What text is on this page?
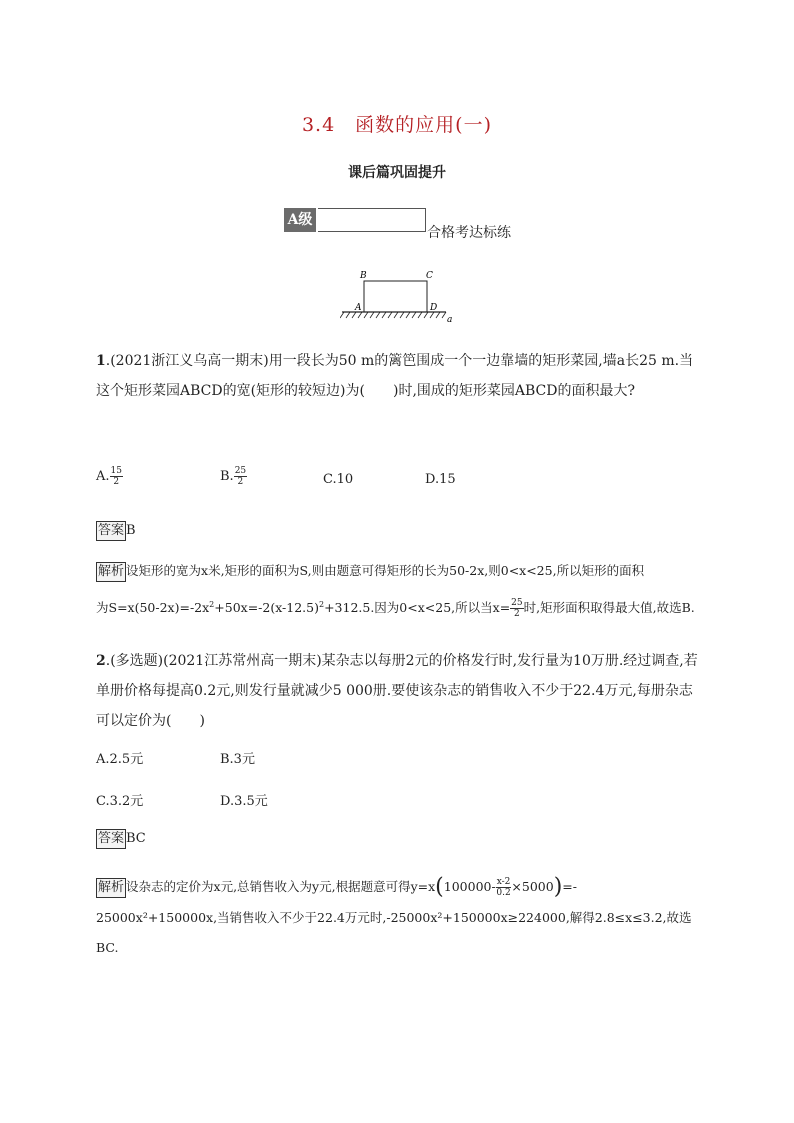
3.4　函数的应用(一)
课后篇巩固提升
A级
合格考达标练
B	C
A	D
a
1.(2021浙江义乌高一期末)用一段长为50 m的篱笆围成一个一边靠墙的矩形菜园,墙a长25 m.当这个矩形菜园ABCD的宽(矩形的较短边)为(　　)时,围成的矩形菜园ABCD的面积最大?
A. $\frac{15}{2}$	B. $\frac{25}{2}$	C.10	D.15
答案 B
解析 设矩形的宽为x米,矩形的面积为S,则由题意可得矩形的长为50-2x,则0<x<25,所以矩形的面积
为$S=x(50-2x)=-2x^2+50x=-2(x-12.5)^2+312.5$.因为0<x<25,所以当$x= \frac{25}{2}$ 时,矩形面积取得最大值,故选B.
2.(多选题)(2021江苏常州高一期末)某杂志以每册2元的价格发行时,发行量为10万册.经过调查,若单册价格每提高0.2元,则发行量就减少5 000册.要使该杂志的销售收入不少于22.4万元,每册杂志可以定价为(　　)
A.2.5元	B.3元
C.3.2元	D.3.5元
答案 BC
解析 设杂志的定价为x元,总销售收入为y元,根据题意可得$y=x(100000- \frac{x-2}{0.2} \times 5000)=-$
25000x²+150000x,当销售收入不少于22.4万元时,-25000x²+150000x≥224000,解得2.8≤x≤3.2,故选
BC.
